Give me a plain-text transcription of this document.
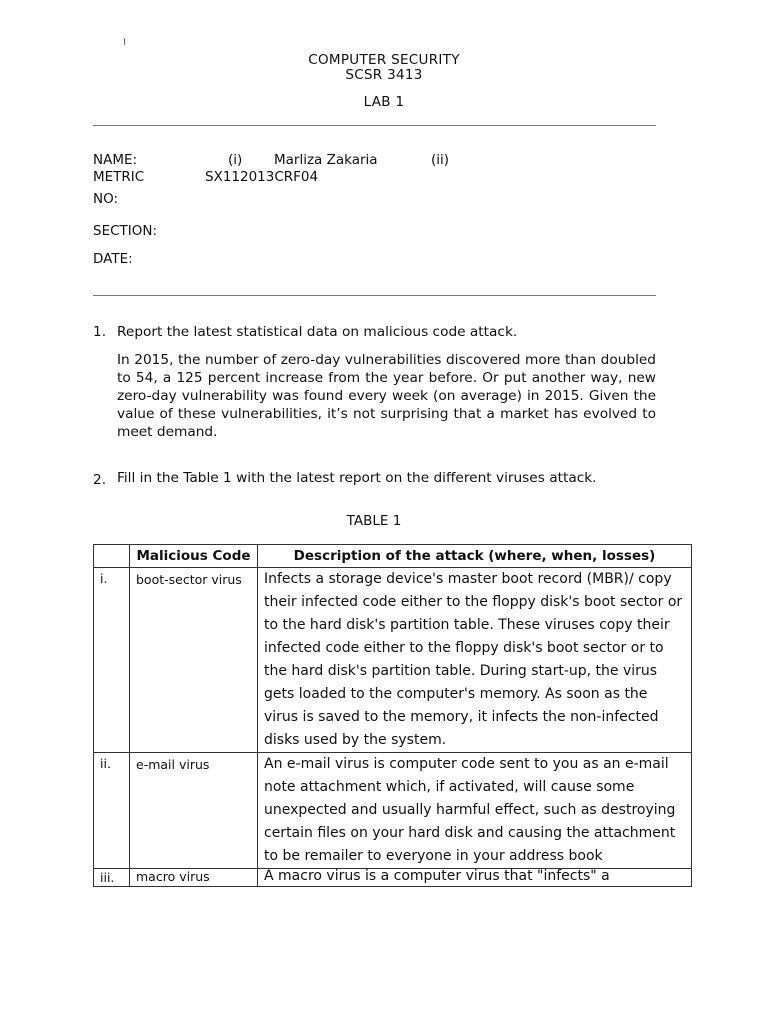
ᅵ
COMPUTER SECURITY
SCSR 3413
LAB 1
NAME:	(i) Marliza Zakaria	(ii)
METRIC	SX112013CRF04
NO:
SECTION:
DATE:
1. Report the latest statistical data on malicious code attack.
In 2015, the number of zero-day vulnerabilities discovered more than doubled to 54, a 125 percent increase from the year before. Or put another way, new zero-day vulnerability was found every week (on average) in 2015. Given the value of these vulnerabilities, it’s not surprising that a market has evolved to meet demand.
2. Fill in the Table 1 with the latest report on the different viruses attack.
TABLE 1
	Malicious Code	Description of the attack (where, when, losses)
i.	boot-sector virus	Infects a storage device's master boot record (MBR)/ copy their infected code either to the floppy disk's boot sector or to the hard disk's partition table. These viruses copy their infected code either to the floppy disk's boot sector or to the hard disk's partition table. During start-up, the virus gets loaded to the computer's memory. As soon as the virus is saved to the memory, it infects the non-infected disks used by the system.
ii.	e-mail virus	An e-mail virus is computer code sent to you as an e-mail note attachment which, if activated, will cause some unexpected and usually harmful effect, such as destroying certain files on your hard disk and causing the attachment to be remailer to everyone in your address book
iii.	macro virus	A macro virus is a computer virus that "infects" a
